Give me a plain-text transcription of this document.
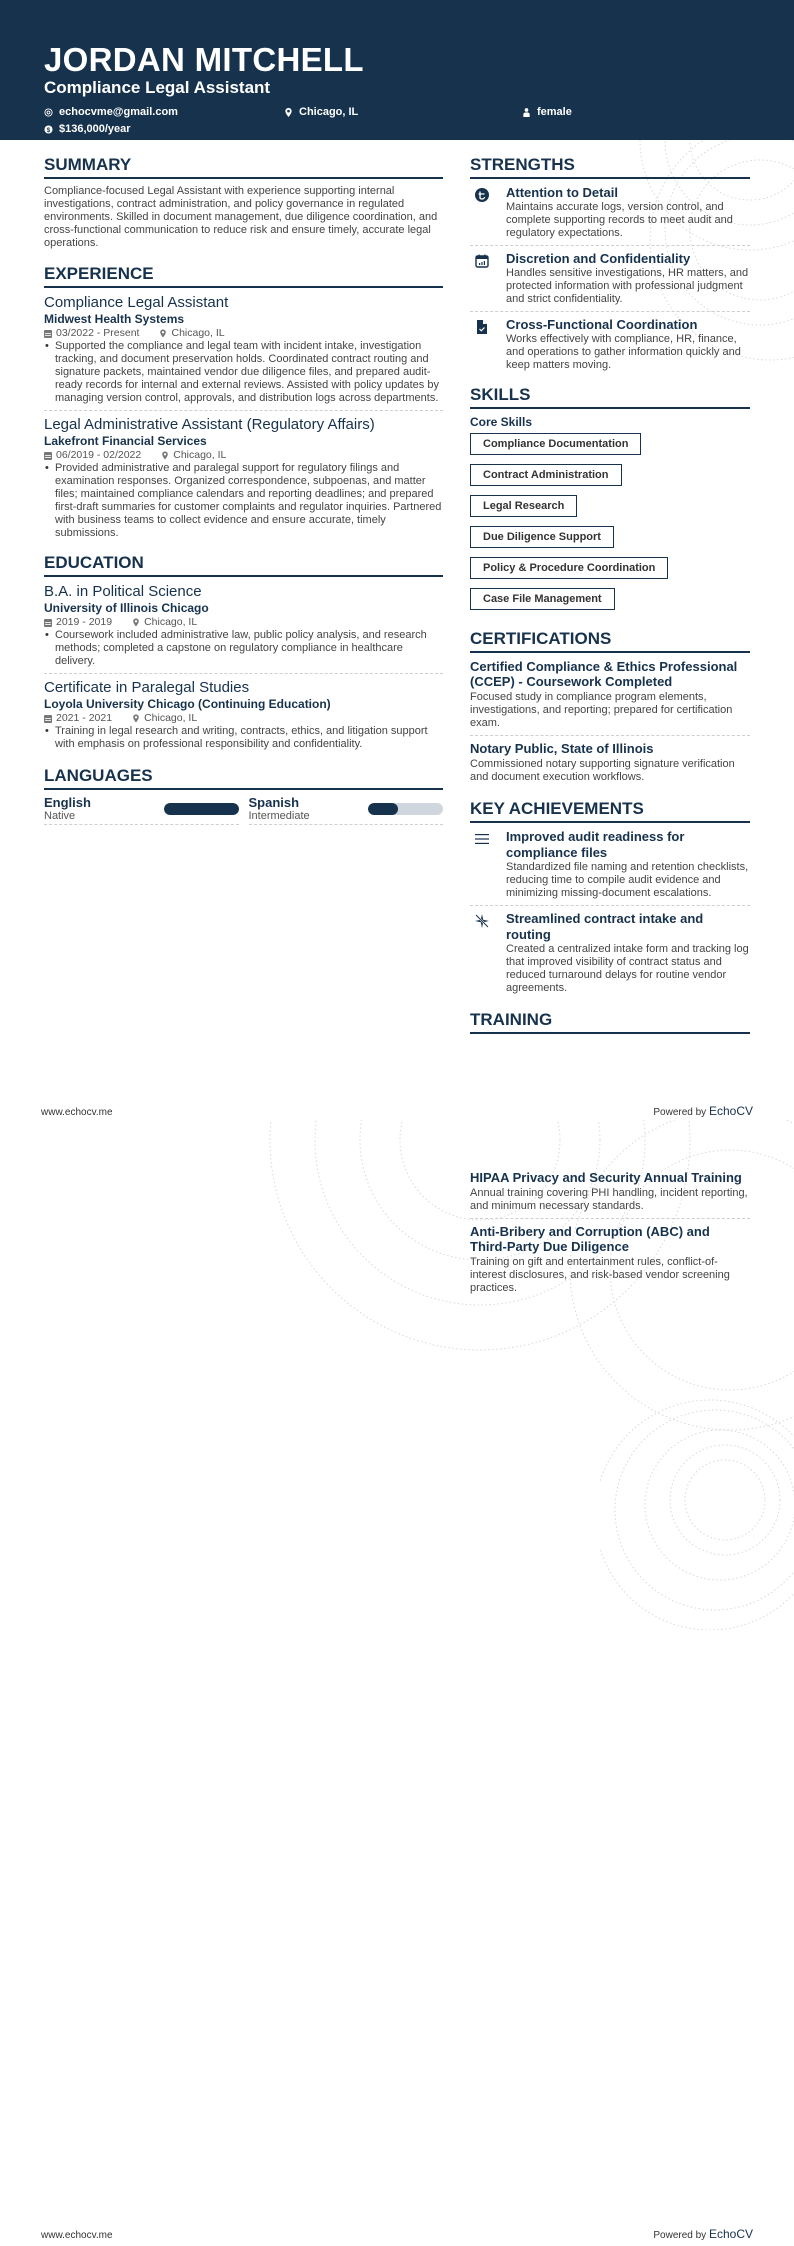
JORDAN MITCHELL
Compliance Legal Assistant
echocvme@gmail.com	Chicago, IL	female
$ $136,000/year
SUMMARY
Compliance-focused Legal Assistant with experience supporting internal investigations, contract administration, and policy governance in regulated environments. Skilled in document management, due diligence coordination, and cross-functional communication to reduce risk and ensure timely, accurate legal operations.
EXPERIENCE
Compliance Legal Assistant
Midwest Health Systems
03/2022 - Present	Chicago, IL
• Supported the compliance and legal team with incident intake, investigation tracking, and document preservation holds. Coordinated contract routing and signature packets, maintained vendor due diligence files, and prepared audit-ready records for internal and external reviews. Assisted with policy updates by managing version control, approvals, and distribution logs across departments.
Legal Administrative Assistant (Regulatory Affairs)
Lakefront Financial Services
06/2019 - 02/2022	Chicago, IL
• Provided administrative and paralegal support for regulatory filings and examination responses. Organized correspondence, subpoenas, and matter files; maintained compliance calendars and reporting deadlines; and prepared first-draft summaries for customer complaints and regulator inquiries. Partnered with business teams to collect evidence and ensure accurate, timely submissions.
EDUCATION
B.A. in Political Science
University of Illinois Chicago
2019 - 2019	Chicago, IL
• Coursework included administrative law, public policy analysis, and research methods; completed a capstone on regulatory compliance in healthcare delivery.
Certificate in Paralegal Studies
Loyola University Chicago (Continuing Education)
2021 - 2021	Chicago, IL
• Training in legal research and writing, contracts, ethics, and litigation support with emphasis on professional responsibility and confidentiality.
LANGUAGES
English
Native
Spanish
Intermediate
STRENGTHS
Attention to Detail
Maintains accurate logs, version control, and complete supporting records to meet audit and regulatory expectations.
Discretion and Confidentiality
Handles sensitive investigations, HR matters, and protected information with professional judgment and strict confidentiality.
Cross-Functional Coordination
Works effectively with compliance, HR, finance, and operations to gather information quickly and keep matters moving.
SKILLS
Core Skills
Compliance Documentation
Contract Administration
Legal Research
Due Diligence Support
Policy & Procedure Coordination
Case File Management
CERTIFICATIONS
Certified Compliance & Ethics Professional (CCEP) - Coursework Completed
Focused study in compliance program elements, investigations, and reporting; prepared for certification exam.
Notary Public, State of Illinois
Commissioned notary supporting signature verification and document execution workflows.
KEY ACHIEVEMENTS
Improved audit readiness for compliance files
Standardized file naming and retention checklists, reducing time to compile audit evidence and minimizing missing-document escalations.
Streamlined contract intake and routing
Created a centralized intake form and tracking log that improved visibility of contract status and reduced turnaround delays for routine vendor agreements.
TRAINING
www.echocv.me	Powered by EchoCV
HIPAA Privacy and Security Annual Training
Annual training covering PHI handling, incident reporting, and minimum necessary standards.
Anti-Bribery and Corruption (ABC) and Third-Party Due Diligence
Training on gift and entertainment rules, conflict-of-interest disclosures, and risk-based vendor screening practices.
www.echocv.me	Powered by EchoCV
